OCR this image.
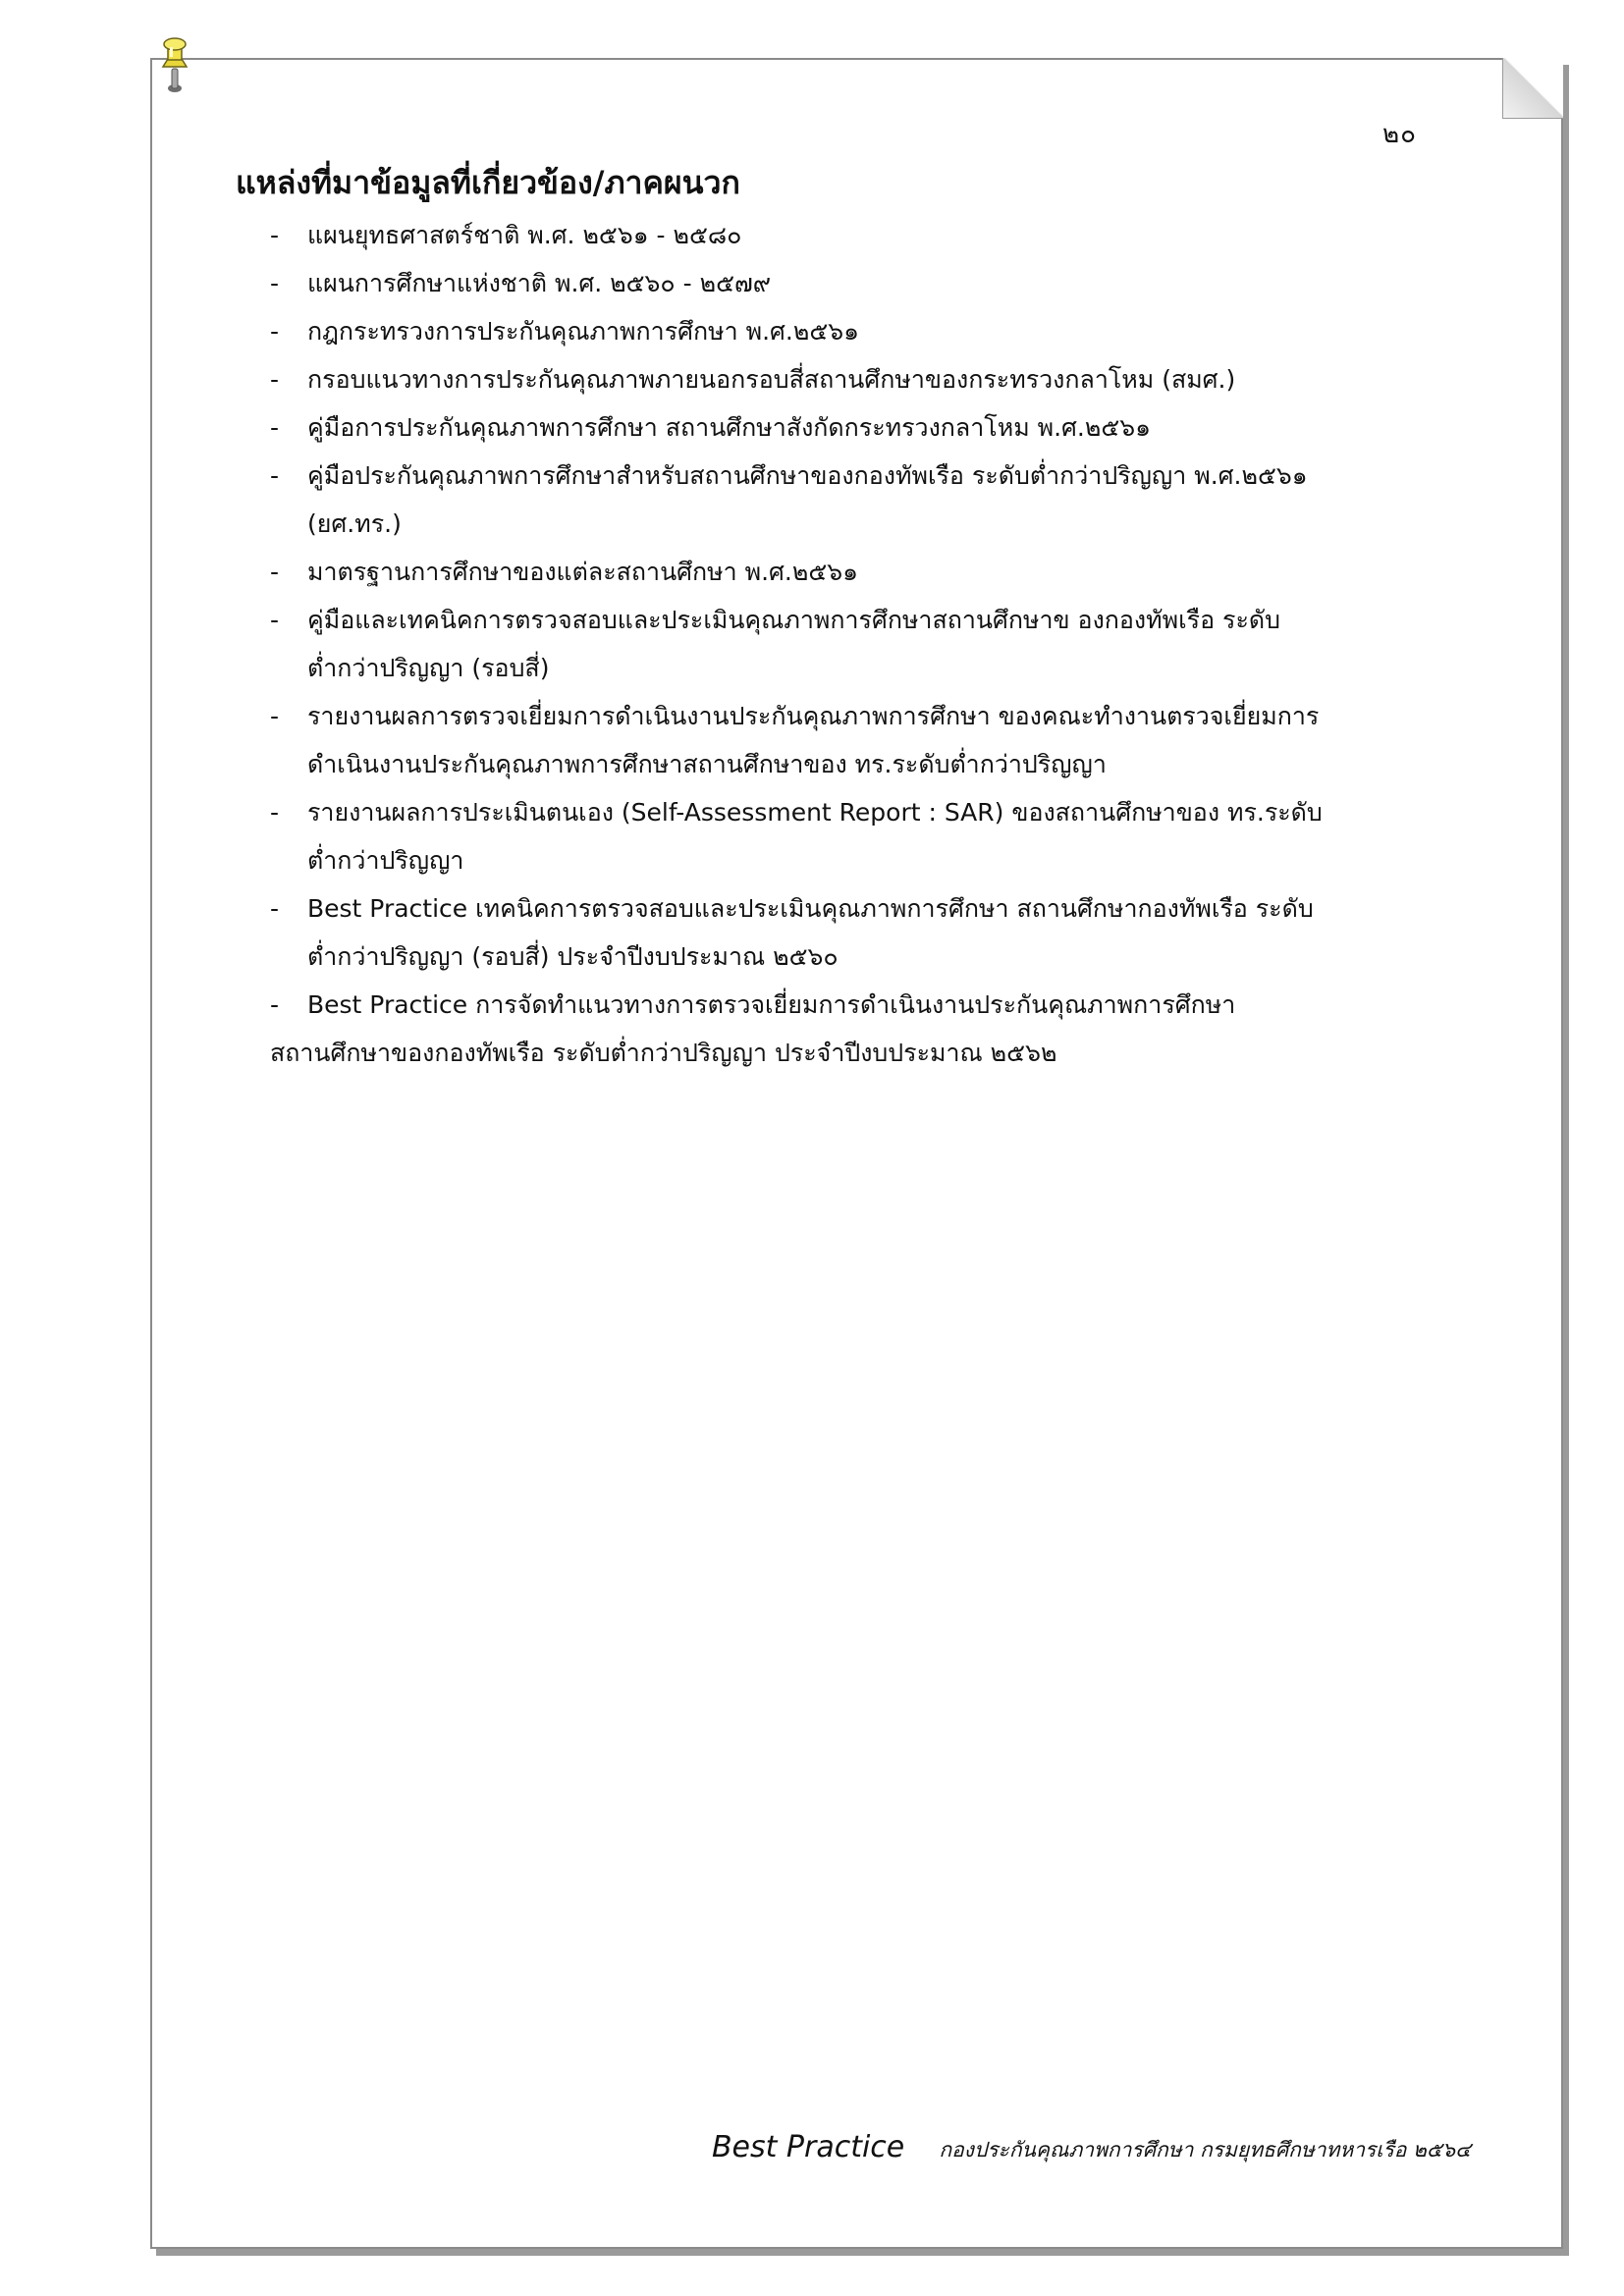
๒๐
แหล่งที่มาข้อมูลที่เกี่ยวข้อง/ภาคผนวก
- แผนยุทธศาสตร์ชาติ พ.ศ. ๒๕๖๑ - ๒๕๘๐
- แผนการศึกษาแห่งชาติ พ.ศ. ๒๕๖๐ - ๒๕๗๙
- กฎกระทรวงการประกันคุณภาพการศึกษา พ.ศ.๒๕๖๑
- กรอบแนวทางการประกันคุณภาพภายนอกรอบสี่สถานศึกษาของกระทรวงกลาโหม (สมศ.)
- คู่มือการประกันคุณภาพการศึกษา สถานศึกษาสังกัดกระทรวงกลาโหม พ.ศ.๒๕๖๑
- คู่มือประกันคุณภาพการศึกษาสำหรับสถานศึกษาของกองทัพเรือ ระดับต่ำกว่าปริญญา พ.ศ.๒๕๖๑
(ยศ.ทร.)
- มาตรฐานการศึกษาของแต่ละสถานศึกษา พ.ศ.๒๕๖๑
- คู่มือและเทคนิคการตรวจสอบและประเมินคุณภาพการศึกษาสถานศึกษาข องกองทัพเรือ ระดับ
ต่ำกว่าปริญญา (รอบสี่)
- รายงานผลการตรวจเยี่ยมการดำเนินงานประกันคุณภาพการศึกษา ของคณะทำงานตรวจเยี่ยมการ
ดำเนินงานประกันคุณภาพการศึกษาสถานศึกษาของ ทร.ระดับต่ำกว่าปริญญา
- รายงานผลการประเมินตนเอง (Self-Assessment Report : SAR) ของสถานศึกษาของ ทร.ระดับ
ต่ำกว่าปริญญา
- Best Practice เทคนิคการตรวจสอบและประเมินคุณภาพการศึกษา สถานศึกษากองทัพเรือ ระดับ
ต่ำกว่าปริญญา (รอบสี่) ประจำปีงบประมาณ ๒๕๖๐
- Best Practice การจัดทำแนวทางการตรวจเยี่ยมการดำเนินงานประกันคุณภาพการศึกษา
สถานศึกษาของกองทัพเรือ ระดับต่ำกว่าปริญญา ประจำปีงบประมาณ ๒๕๖๒
Best Practice กองประกันคุณภาพการศึกษา กรมยุทธศึกษาทหารเรือ ๒๕๖๔
